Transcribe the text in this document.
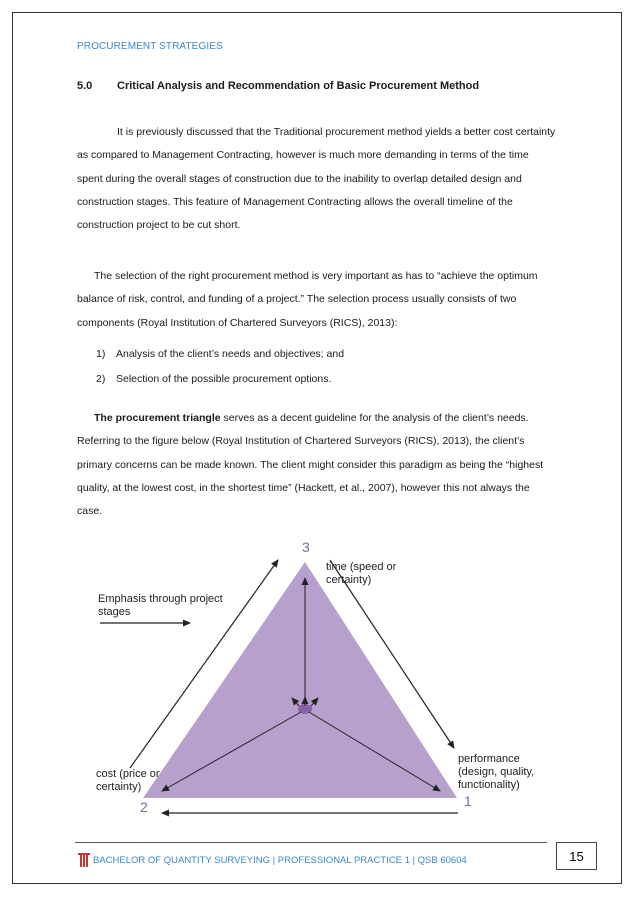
PROCUREMENT STRATEGIES
5.0 Critical Analysis and Recommendation of Basic Procurement Method
It is previously discussed that the Traditional procurement method yields a better cost certainty as compared to Management Contracting, however is much more demanding in terms of the time spent during the overall stages of construction due to the inability to overlap detailed design and construction stages. This feature of Management Contracting allows the overall timeline of the construction project to be cut short.
The selection of the right procurement method is very important as has to “achieve the optimum balance of risk, control, and funding of a project.” The selection process usually consists of two components (Royal Institution of Chartered Surveyors (RICS), 2013):
1) Analysis of the client’s needs and objectives; and
2) Selection of the possible procurement options.
The procurement triangle serves as a decent guideline for the analysis of the client’s needs. Referring to the figure below (Royal Institution of Chartered Surveyors (RICS), 2013), the client’s primary concerns can be made known. The client might consider this paradigm as being the “highest quality, at the lowest cost, in the shortest time” (Hackett, et al., 2007), however this not always the case.
Emphasis through project
stages
3
time (speed or
certainty)
performance
(design, quality,
functionality)
1
cost (price or
certainty)
2
BACHELOR OF QUANTITY SURVEYING | PROFESSIONAL PRACTICE 1 | QSB 60604	15
